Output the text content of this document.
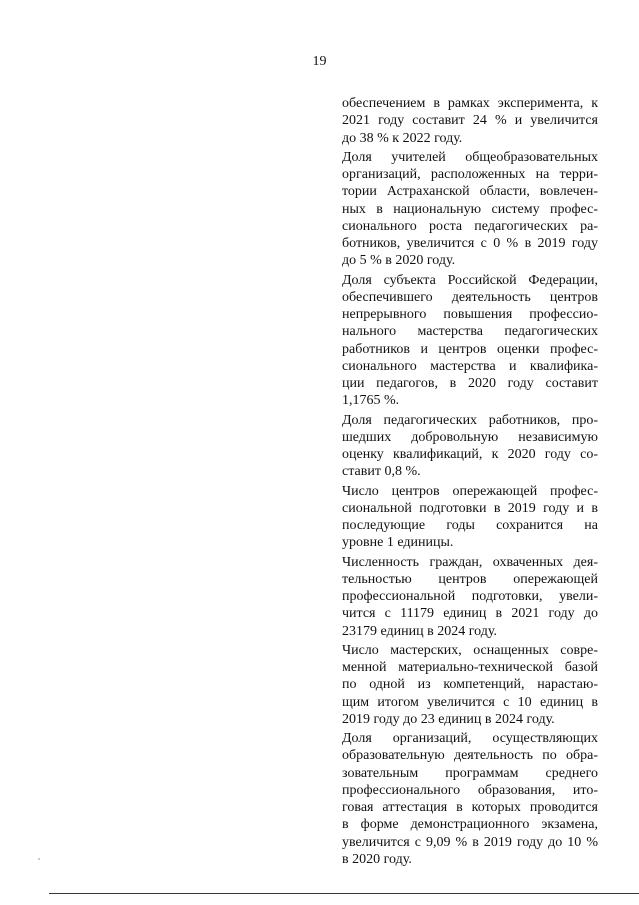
19
обеспечением в рамках эксперимента, к
2021 году составит 24 % и увеличится
до 38 % к 2022 году.
Доля учителей общеобразовательных
организаций, расположенных на терри-
тории Астраханской области, вовлечен-
ных в национальную систему профес-
сионального роста педагогических ра-
ботников, увеличится с 0 % в 2019 году
до 5 % в 2020 году.
Доля субъекта Российской Федерации,
обеспечившего деятельность центров
непрерывного повышения профессио-
нального мастерства педагогических
работников и центров оценки профес-
сионального мастерства и квалифика-
ции педагогов, в 2020 году составит
1,1765 %.
Доля педагогических работников, про-
шедших добровольную независимую
оценку квалификаций, к 2020 году со-
ставит 0,8 %.
Число центров опережающей профес-
сиональной подготовки в 2019 году и в
последующие годы сохранится на
уровне 1 единицы.
Численность граждан, охваченных дея-
тельностью центров опережающей
профессиональной подготовки, увели-
чится с 11179 единиц в 2021 году до
23179 единиц в 2024 году.
Число мастерских, оснащенных совре-
менной материально-технической базой
по одной из компетенций, нарастаю-
щим итогом увеличится с 10 единиц в
2019 году до 23 единиц в 2024 году.
Доля организаций, осуществляющих
образовательную деятельность по обра-
зовательным программам среднего
профессионального образования, ито-
говая аттестация в которых проводится
в форме демонстрационного экзамена,
увеличится с 9,09 % в 2019 году до 10 %
в 2020 году.
